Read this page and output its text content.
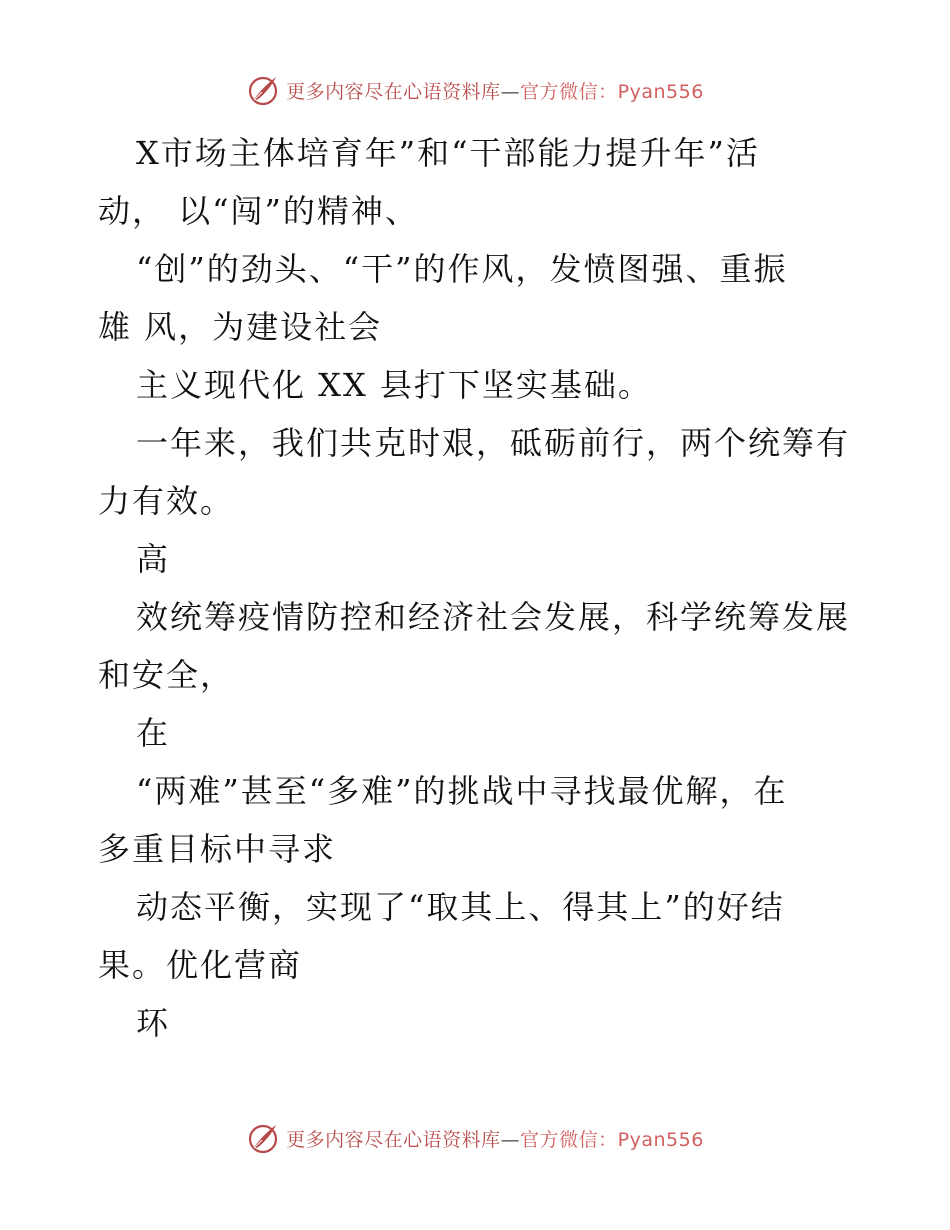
更多内容尽在心语资料库—官方微信：Pyan556
X市场主体培育年”和“干部能力提升年”活
动， 以“闯”的精神、
“创”的劲头、“干”的作风，发愤图强、重振
雄 风，为建设社会
主义现代化 XX 县打下坚实基础。
一年来，我们共克时艰，砥砺前行，两个统筹有
力有效。
高
效统筹疫情防控和经济社会发展，科学统筹发展
和安全，
在
“两难”甚至“多难”的挑战中寻找最优解，在
多重目标中寻求
动态平衡，实现了“取其上、得其上”的好结
果。优化营商
环
更多内容尽在心语资料库—官方微信：Pyan556
